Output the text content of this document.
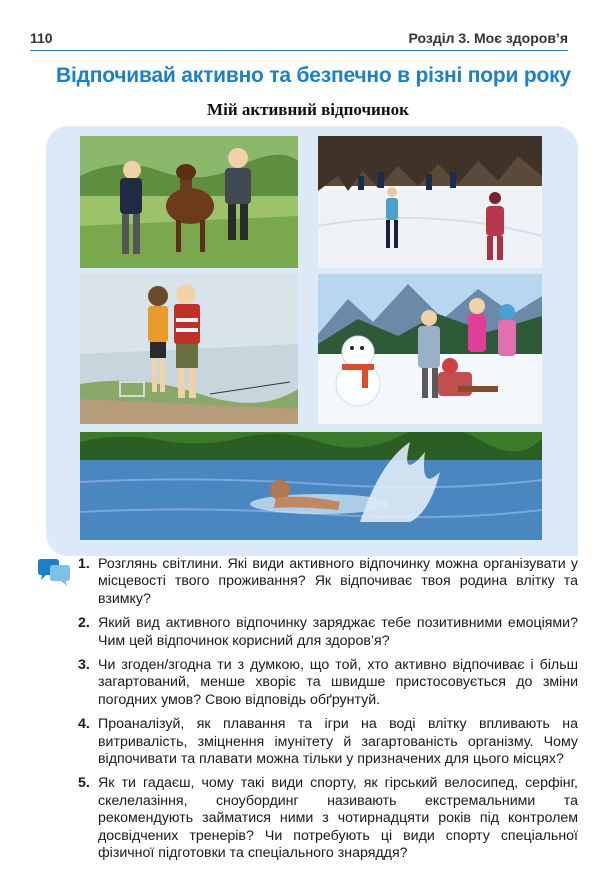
110	Розділ 3. Моє здоров’я
Відпочивай активно та безпечно в різні пори року
Мій активний відпочинок
1. Розглянь світлини. Які види активного відпочинку можна організувати у місцевості твого проживання? Як відпочиває твоя родина влітку та взимку?
2. Який вид активного відпочинку заряджає тебе позитивними емоціями? Чим цей відпочинок корисний для здоров’я?
3. Чи згоден/згодна ти з думкою, що той, хто активно відпочиває і більш загартований, менше хворіє та швидше пристосовується до зміни погодних умов? Свою відповідь обґрунтуй.
4. Проаналізуй, як плавання та ігри на воді влітку впливають на витривалість, зміцнення імунітету й загартованість організму. Чому відпочивати та плавати можна тільки у призначених для цього місцях?
5. Як ти гадаєш, чому такі види спорту, як гірський велосипед, серфінг, скелелазіння, сноубординг називають екстремальними та рекомендують займатися ними з чотирнадцяти років під контролем досвідчених тренерів? Чи потребують ці види спорту спеціальної фізичної підготовки та спеціального знаряддя?
